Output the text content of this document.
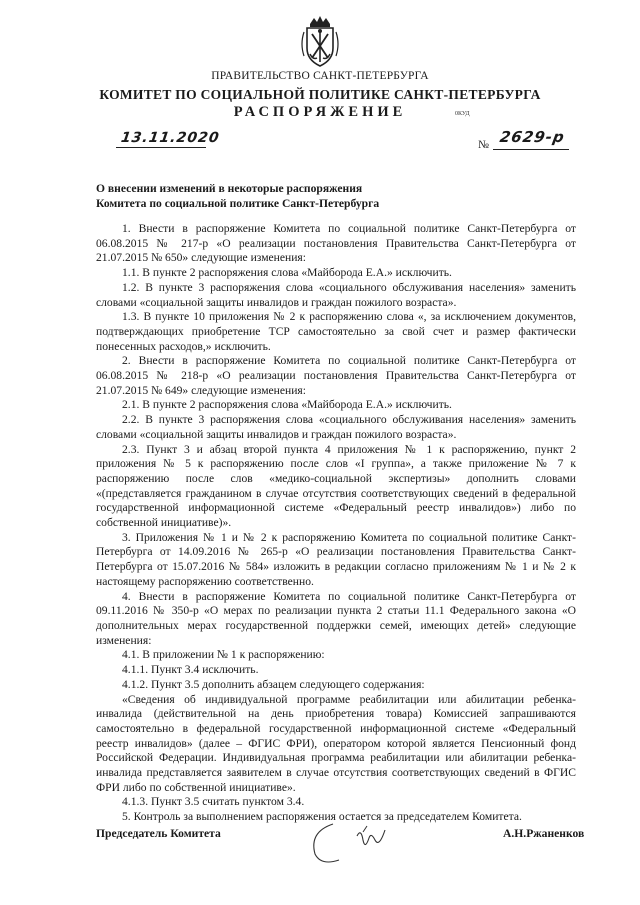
ПРАВИТЕЛЬСТВО САНКТ-ПЕТЕРБУРГА
КОМИТЕТ ПО СОЦИАЛЬНОЙ ПОЛИТИКЕ САНКТ-ПЕТЕРБУРГА
РАСПОРЯЖЕНИЕ	0КУД
13.11.2020	№ 2629-р
О внесении изменений в некоторые распоряжения
Комитета по социальной политике Санкт-Петербурга

1. Внести в распоряжение Комитета по социальной политике Санкт-Петербурга от 06.08.2015 № 217-р «О реализации постановления Правительства Санкт-Петербурга от 21.07.2015 № 650» следующие изменения:

1.1. В пункте 2 распоряжения слова «Майборода Е.А.» исключить.

1.2. В пункте 3 распоряжения слова «социального обслуживания населения» заменить словами «социальной защиты инвалидов и граждан пожилого возраста».

1.3. В пункте 10 приложения № 2 к распоряжению слова «, за исключением документов, подтверждающих приобретение ТСР самостоятельно за свой счет и размер фактически понесенных расходов,» исключить.

2. Внести в распоряжение Комитета по социальной политике Санкт-Петербурга от 06.08.2015 № 218-р «О реализации постановления Правительства Санкт-Петербурга от 21.07.2015 № 649» следующие изменения:

2.1. В пункте 2 распоряжения слова «Майборода Е.А.» исключить.

2.2. В пункте 3 распоряжения слова «социального обслуживания населения» заменить словами «социальной защиты инвалидов и граждан пожилого возраста».

2.3. Пункт 3 и абзац второй пункта 4 приложения № 1 к распоряжению, пункт 2 приложения № 5 к распоряжению после слов «I группа», а также приложение № 7 к распоряжению после слов «медико-социальной экспертизы» дополнить словами «(представляется гражданином в случае отсутствия соответствующих сведений в федеральной государственной информационной системе «Федеральный реестр инвалидов») либо по собственной инициативе)».

3. Приложения № 1 и № 2 к распоряжению Комитета по социальной политике Санкт-Петербурга от 14.09.2016 № 265-р «О реализации постановления Правительства Санкт-Петербурга от 15.07.2016 № 584» изложить в редакции согласно приложениям № 1 и № 2 к настоящему распоряжению соответственно.

4. Внести в распоряжение Комитета по социальной политике Санкт-Петербурга от 09.11.2016 № 350-р «О мерах по реализации пункта 2 статьи 11.1 Федерального закона «О дополнительных мерах государственной поддержки семей, имеющих детей» следующие изменения:

4.1. В приложении № 1 к распоряжению:

4.1.1. Пункт 3.4 исключить.

4.1.2. Пункт 3.5 дополнить абзацем следующего содержания:

«Сведения об индивидуальной программе реабилитации или абилитации ребенка-инвалида (действительной на день приобретения товара) Комиссией запрашиваются самостоятельно в федеральной государственной информационной системе «Федеральный реестр инвалидов» (далее – ФГИС ФРИ), оператором которой является Пенсионный фонд Российской Федерации. Индивидуальная программа реабилитации или абилитации ребенка-инвалида представляется заявителем в случае отсутствия соответствующих сведений в ФГИС ФРИ либо по собственной инициативе».

4.1.3. Пункт 3.5 считать пунктом 3.4.

5. Контроль за выполнением распоряжения остается за председателем Комитета.

Председатель Комитета	А.Н.Ржаненков
